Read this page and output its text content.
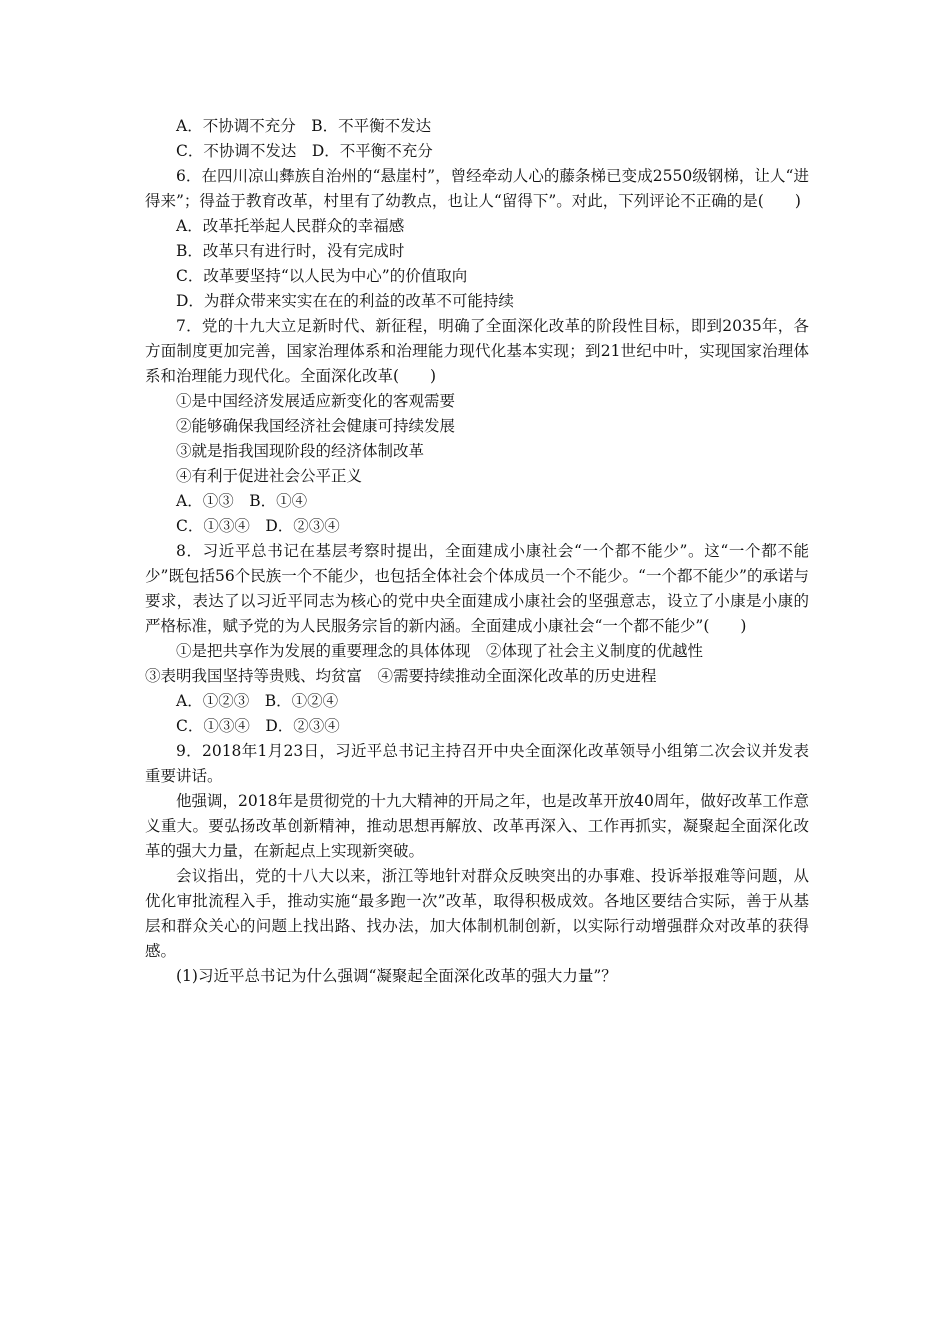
A．不协调不充分　B．不平衡不发达
C．不协调不发达　D．不平衡不充分
6．在四川凉山彝族自治州的“悬崖村”，曾经牵动人心的藤条梯已变成2550级钢梯，让人“进得来”；得益于教育改革，村里有了幼教点，也让人“留得下”。对此，下列评论不正确的是(　　)
A．改革托举起人民群众的幸福感
B．改革只有进行时，没有完成时
C．改革要坚持“以人民为中心”的价值取向
D．为群众带来实实在在的利益的改革不可能持续
7．党的十九大立足新时代、新征程，明确了全面深化改革的阶段性目标，即到2035年，各方面制度更加完善，国家治理体系和治理能力现代化基本实现；到21世纪中叶，实现国家治理体系和治理能力现代化。全面深化改革(　　)
①是中国经济发展适应新变化的客观需要
②能够确保我国经济社会健康可持续发展
③就是指我国现阶段的经济体制改革
④有利于促进社会公平正义
A．①③　B．①④
C．①③④　D．②③④
8．习近平总书记在基层考察时提出，全面建成小康社会“一个都不能少”。这“一个都不能少”既包括56个民族一个不能少，也包括全体社会个体成员一个不能少。“一个都不能少”的承诺与要求，表达了以习近平同志为核心的党中央全面建成小康社会的坚强意志，设立了小康是小康的严格标准，赋予党的为人民服务宗旨的新内涵。全面建成小康社会“一个都不能少”(　　)
①是把共享作为发展的重要理念的具体体现　②体现了社会主义制度的优越性
③表明我国坚持等贵贱、均贫富　④需要持续推动全面深化改革的历史进程
A．①②③　B．①②④
C．①③④　D．②③④
9．2018年1月23日，习近平总书记主持召开中央全面深化改革领导小组第二次会议并发表重要讲话。
他强调，2018年是贯彻党的十九大精神的开局之年，也是改革开放40周年，做好改革工作意义重大。要弘扬改革创新精神，推动思想再解放、改革再深入、工作再抓实，凝聚起全面深化改革的强大力量，在新起点上实现新突破。
会议指出，党的十八大以来，浙江等地针对群众反映突出的办事难、投诉举报难等问题，从优化审批流程入手，推动实施“最多跑一次”改革，取得积极成效。各地区要结合实际，善于从基层和群众关心的问题上找出路、找办法，加大体制机制创新，以实际行动增强群众对改革的获得感。
(1)习近平总书记为什么强调“凝聚起全面深化改革的强大力量”？
